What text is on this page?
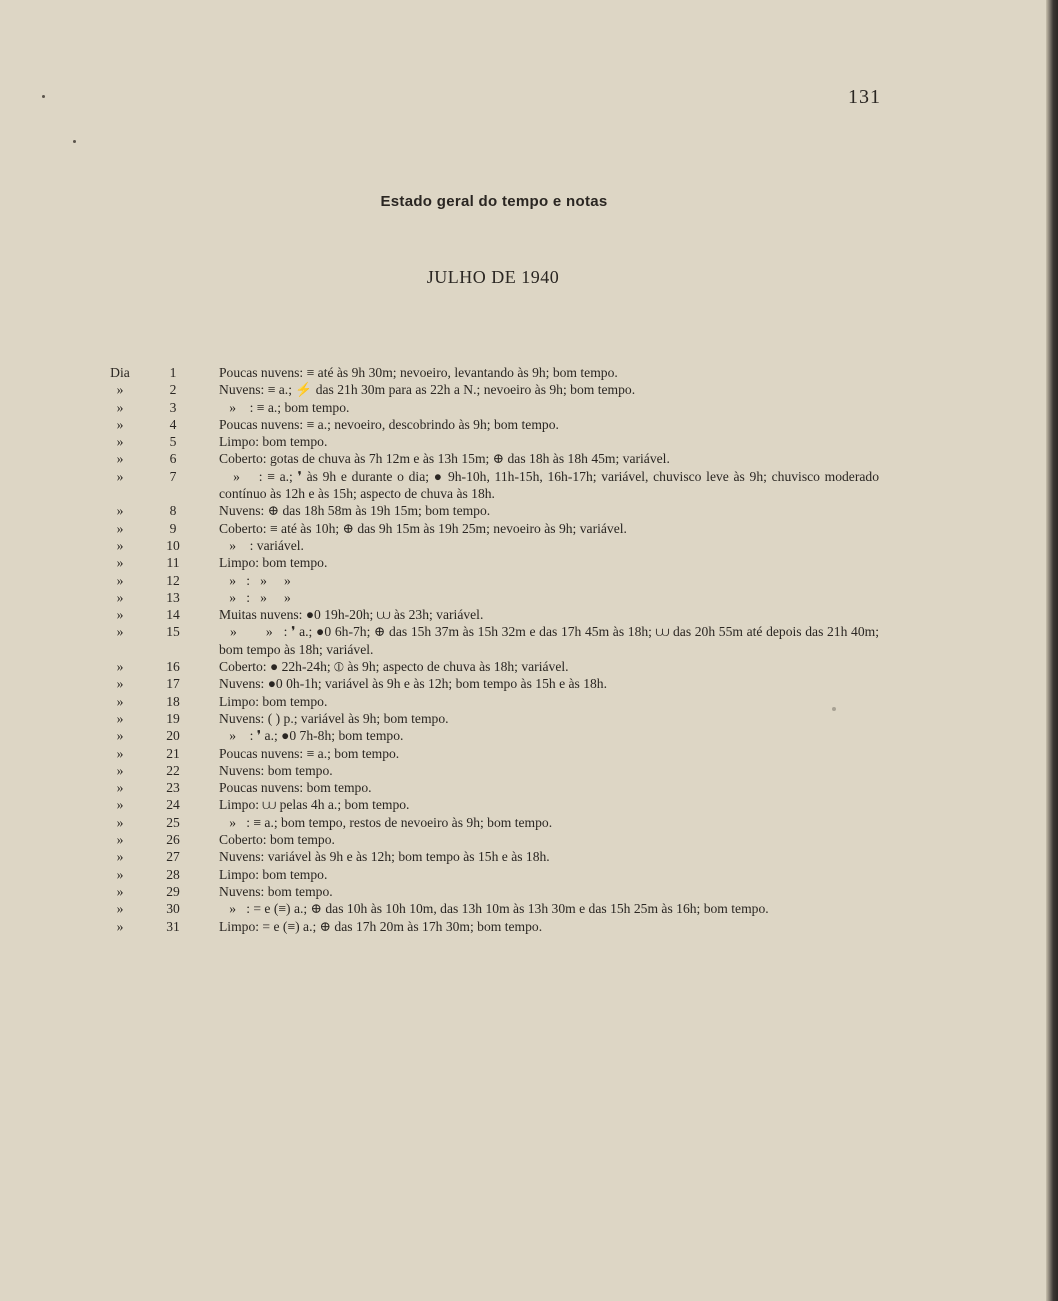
131
Estado geral do tempo e notas
JULHO DE 1940
Dia	1	Poucas nuvens: ≡ até às 9h 30m; nevoeiro, levantando às 9h; bom tempo.
»	2	Nuvens: ≡ a.; ⚡ das 21h 30m para as 22h a N.; nevoeiro às 9h; bom tempo.
»	3	»    : ≡ a.; bom tempo.
»	4	Poucas nuvens: ≡ a.; nevoeiro, descobrindo às 9h; bom tempo.
»	5	Limpo: bom tempo.
»	6	Coberto: gotas de chuva às 7h 12m e às 13h 15m; ⊕ das 18h às 18h 45m; variável.
»	7	»    : ≡ a.; ❜ às 9h e durante o dia; ● 9h-10h, 11h-15h, 16h-17h; variável, chuvisco leve às 9h; chuvisco moderado contínuo às 12h e às 15h; aspecto de chuva às 18h.
»	8	Nuvens: ⊕ das 18h 58m às 19h 15m; bom tempo.
»	9	Coberto: ≡ até às 10h; ⊕ das 9h 15m às 19h 25m; nevoeiro às 9h; variável.
»	10	»    : variável.
»	11	Limpo: bom tempo.
»	12	»   :   »     »
»	13	»   :   »     »
»	14	Muitas nuvens: ●0 19h-20h; ⩊ às 23h; variável.
»	15	»        »   : ❜ a.; ●0 6h-7h; ⊕ das 15h 37m às 15h 32m e das 17h 45m às 18h; ⩊ das 20h 55m até depois das 21h 40m; bom tempo às 18h; variável.
»	16	Coberto: ● 22h-24h; ⦶ às 9h; aspecto de chuva às 18h; variável.
»	17	Nuvens: ●0 0h-1h; variável às 9h e às 12h; bom tempo às 15h e às 18h.
»	18	Limpo: bom tempo.
»	19	Nuvens: ( ) p.; variável às 9h; bom tempo.
»	20	»    : ❜ a.; ●0 7h-8h; bom tempo.
»	21	Poucas nuvens: ≡ a.; bom tempo.
»	22	Nuvens: bom tempo.
»	23	Poucas nuvens: bom tempo.
»	24	Limpo: ⩊ pelas 4h a.; bom tempo.
»	25	»   : ≡ a.; bom tempo, restos de nevoeiro às 9h; bom tempo.
»	26	Coberto: bom tempo.
»	27	Nuvens: variável às 9h e às 12h; bom tempo às 15h e às 18h.
»	28	Limpo: bom tempo.
»	29	Nuvens: bom tempo.
»	30	»   : = e (≡) a.; ⊕ das 10h às 10h 10m, das 13h 10m às 13h 30m e das 15h 25m às 16h; bom tempo.
»	31	Limpo: = e (≡) a.; ⊕ das 17h 20m às 17h 30m; bom tempo.
